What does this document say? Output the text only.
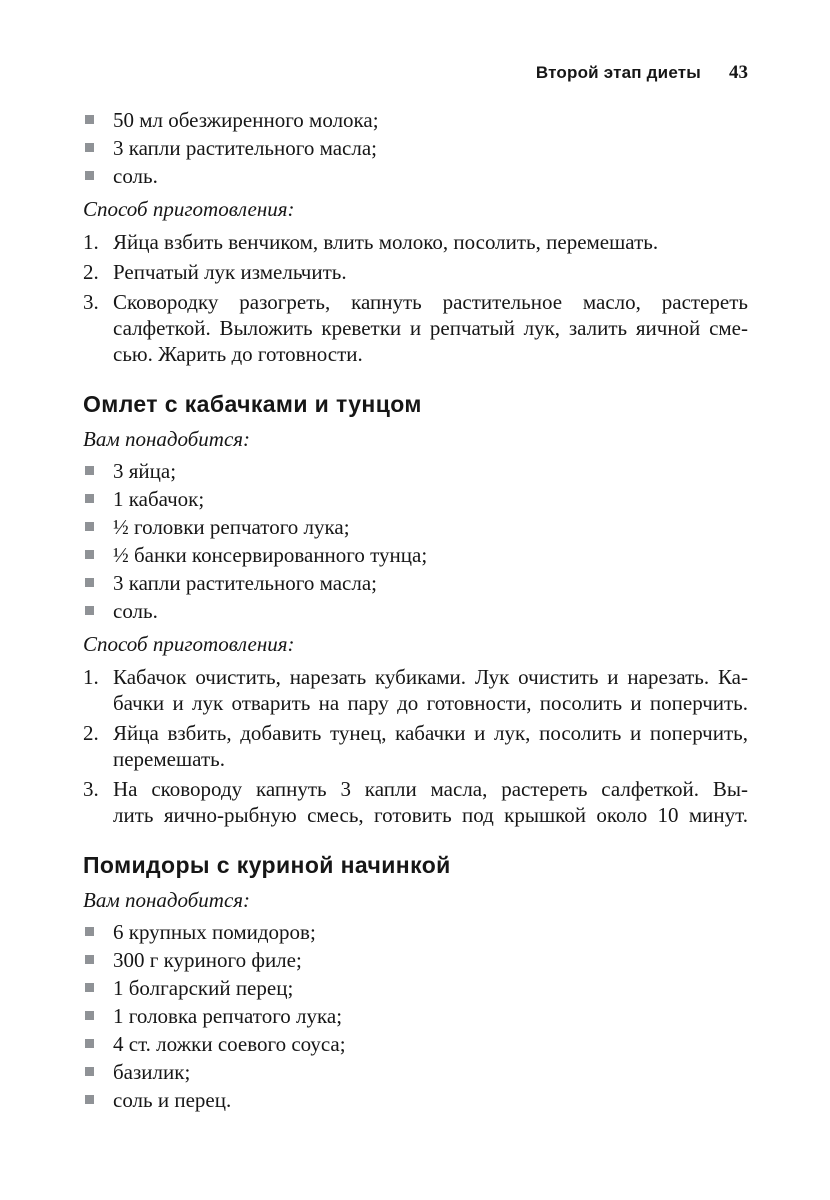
Второй этап диеты 43
50 мл обезжиренного молока;
3 капли растительного масла;
соль.

Способ приготовления:

1. Яйца взбить венчиком, влить молоко, посолить, перемешать.
2. Репчатый лук измельчить.
3. Сковородку разогреть, капнуть растительное масло, растереть
салфеткой. Выложить креветки и репчатый лук, залить яичной сме-
сью. Жарить до готовности.
Омлет с кабачками и тунцом

Вам понадобится:

3 яйца;
1 кабачок;
½ головки репчатого лука;
½ банки консервированного тунца;
3 капли растительного масла;
соль.

Способ приготовления:

1. Кабачок очистить, нарезать кубиками. Лук очистить и нарезать. Ка-
бачки и лук отварить на пару до готовности, посолить и поперчить.
2. Яйца взбить, добавить тунец, кабачки и лук, посолить и поперчить,
перемешать.
3. На сковороду капнуть 3 капли масла, растереть салфеткой. Вы-
лить яично-рыбную смесь, готовить под крышкой около 10 минут.
Помидоры с куриной начинкой

Вам понадобится:

6 крупных помидоров;
300 г куриного филе;
1 болгарский перец;
1 головка репчатого лука;
4 ст. ложки соевого соуса;
базилик;
соль и перец.
